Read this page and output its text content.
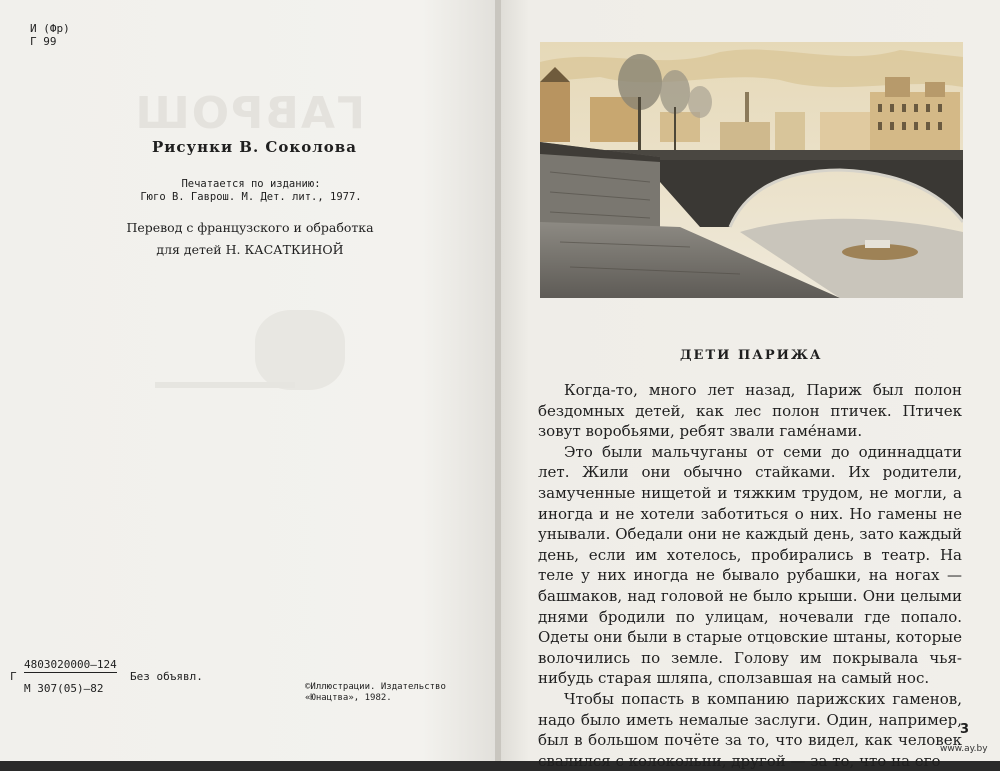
ГАВРОШ
И (Фр)
Г 99
Рисунки В. Соколова
Печатается по изданию:
Гюго В. Гаврош. М. Дет. лит., 1977.
Перевод с французского и обработка
для детей Н. КАСАТКИНОЙ
Г
4803020000—124
М 307(05)—82
Без объявл.
©Иллюстрации. Издательство
«Юнацтва», 1982.
ДЕТИ ПАРИЖА

Когда-то, много лет назад, Париж был полон бездомных детей, как лес полон птичек. Птичек зовут воробьями, ребят звали гаме́нами.

Это были мальчуганы от семи до одиннадцати лет. Жили они обычно стайками. Их родители, замученные нищетой и тяжким трудом, не могли, а иногда и не хотели заботиться о них. Но гамены не унывали. Обедали они не каждый день, зато каждый день, если им хотелось, пробирались в театр. На теле у них иногда не бывало рубашки, на ногах — башмаков, над головой не было крыши. Они целыми днями бродили по улицам, ночевали где попало. Одеты они были в старые отцовские штаны, которые волочились по земле. Голову им покрывала чья-нибудь старая шляпа, сползавшая на самый нос.

Чтобы попасть в компанию парижских гаменов, надо было иметь немалые заслуги. Один, например, был в большом почёте за то, что видел, как человек свалился с колокольни, другой — за то, что на его

3
www.ay.by
